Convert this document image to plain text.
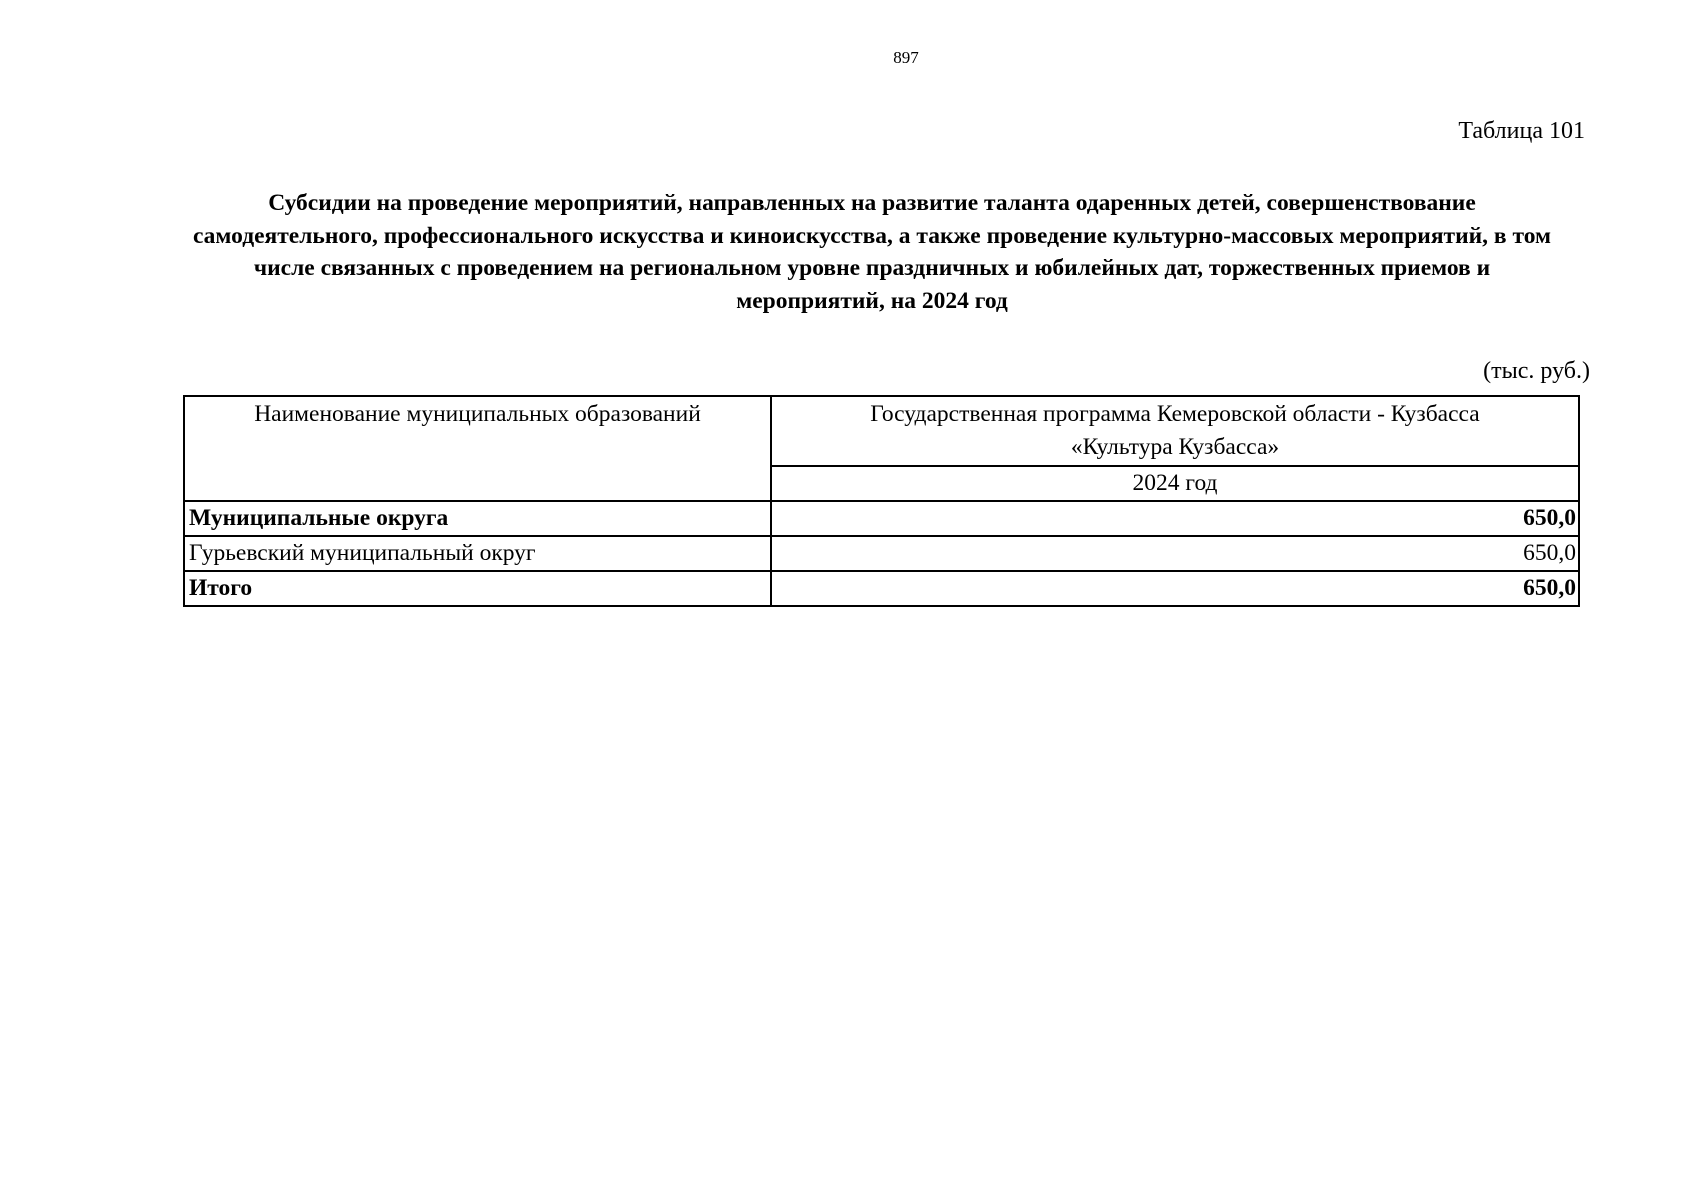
897
Таблица 101
Субсидии на проведение мероприятий, направленных на развитие таланта одаренных детей, совершенствование самодеятельного, профессионального искусства и киноискусства, а также проведение культурно-массовых мероприятий, в том числе связанных с проведением на региональном уровне праздничных и юбилейных дат, торжественных приемов и мероприятий, на 2024 год
(тыс. руб.)
Наименование муниципальных образований	Государственная программа Кемеровской области - Кузбасса
«Культура Кузбасса»
	2024 год
Муниципальные округа	650,0
Гурьевский муниципальный округ	650,0
Итого	650,0
